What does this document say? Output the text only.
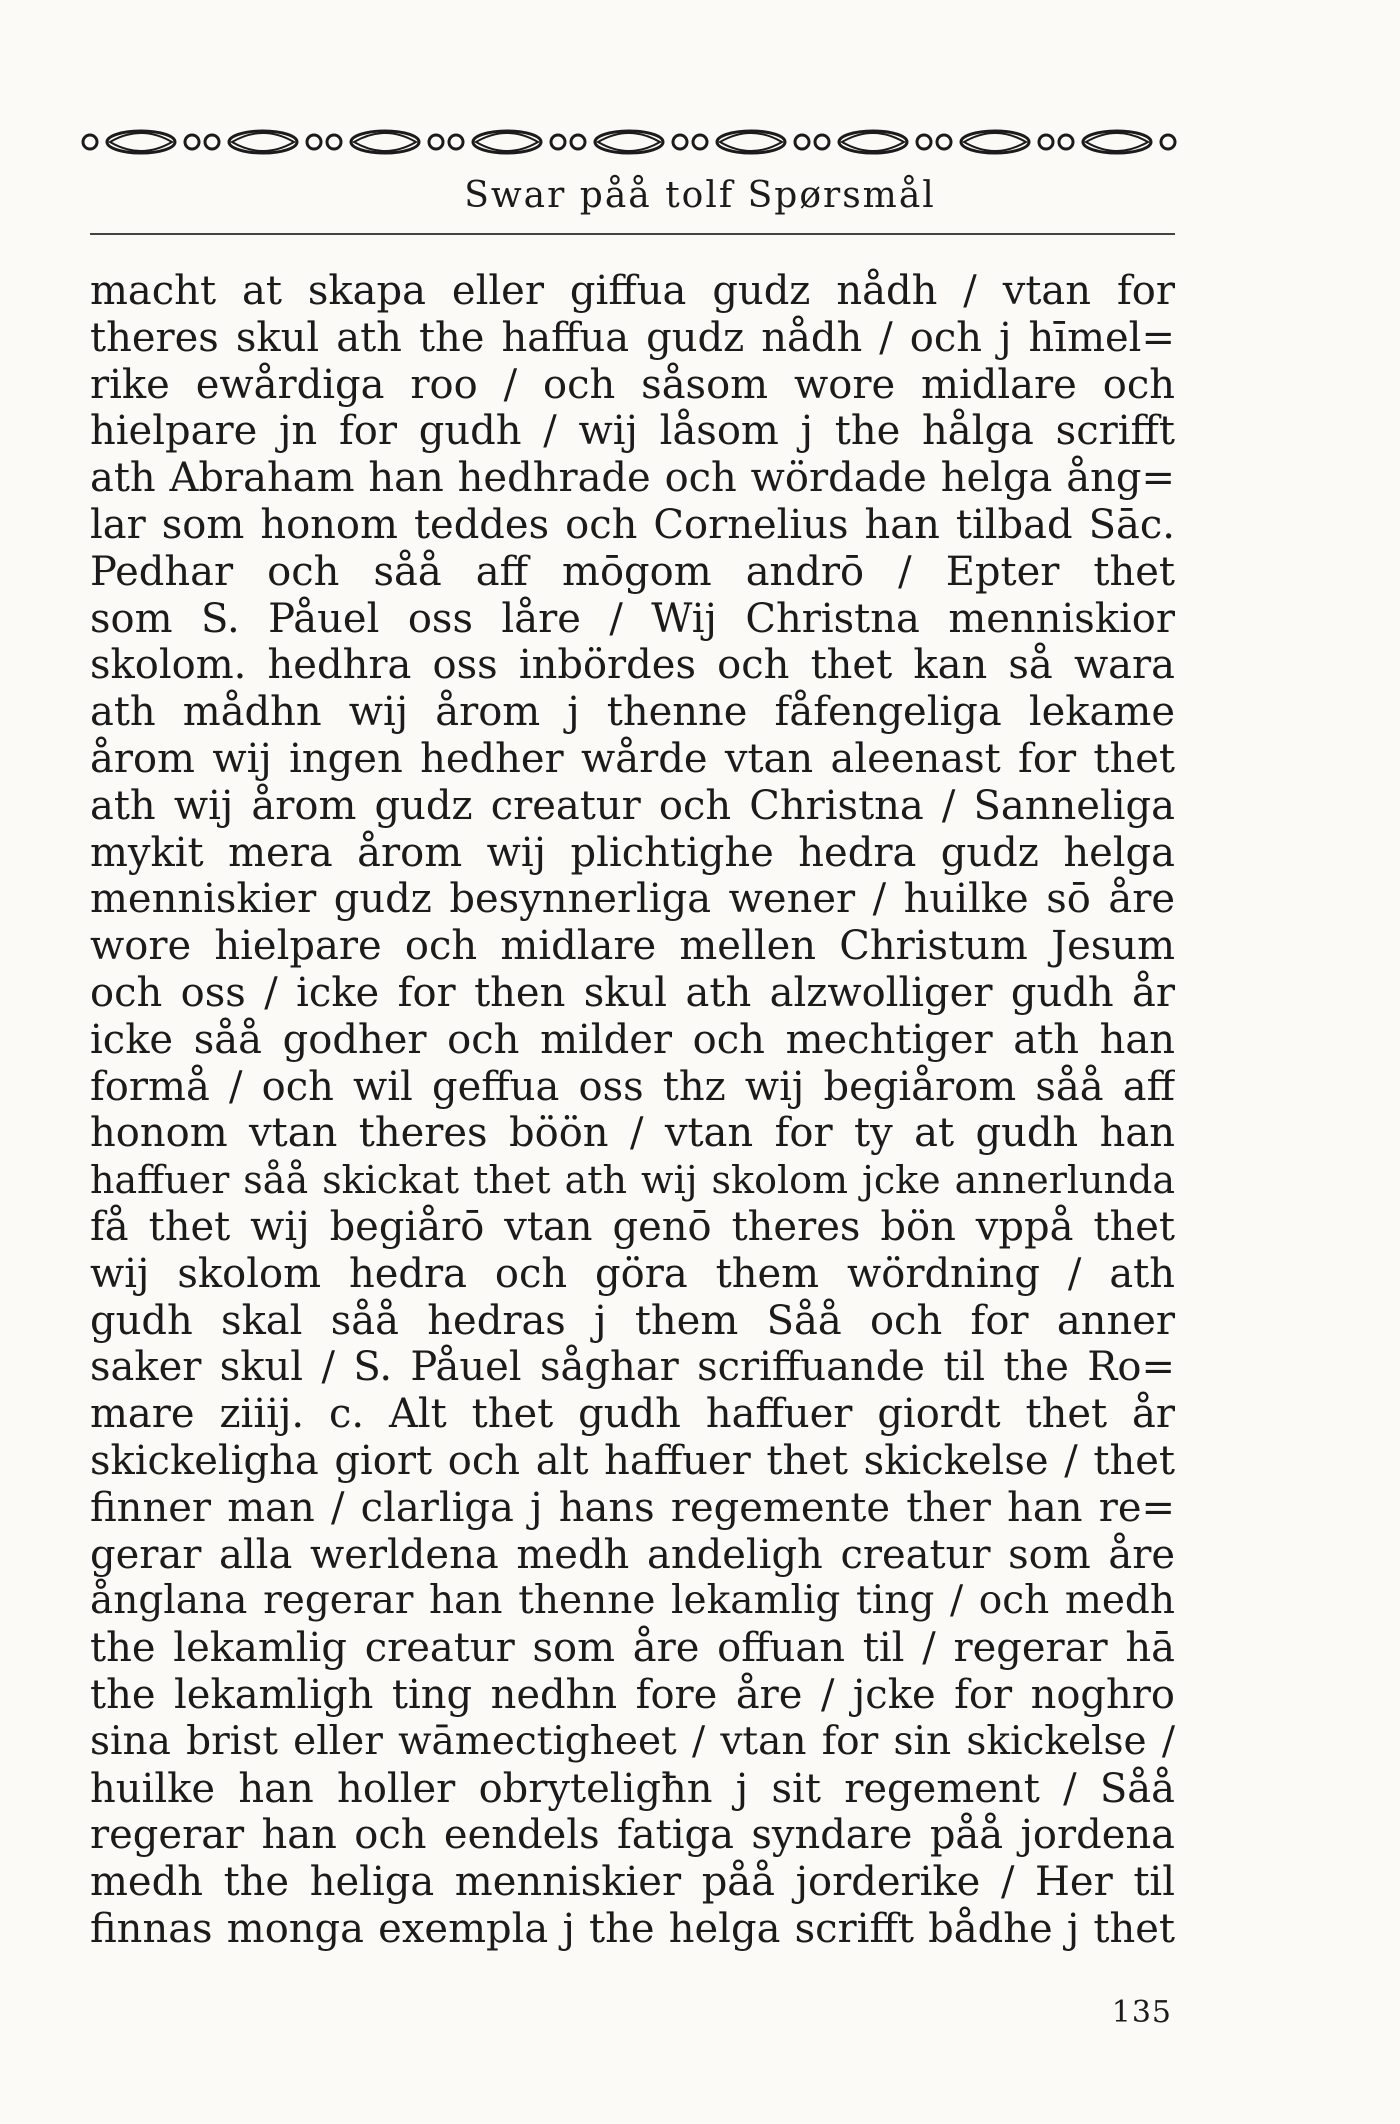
Swar påå tolf Spørsmål
macht at skapa eller giffua gudz nådh / vtan for
theres skul ath the haffua gudz nådh / och j hīmel=
rike ewårdiga roo / och såsom wore midlare och
hielpare jn for gudh / wij låsom j the hålga scrifft
ath Abraham han hedhrade och wördade helga ång=
lar som honom teddes och Cornelius han tilbad Sāc.
Pedhar och såå aff mōgom andrō / Epter thet
som S. Påuel oss låre / Wij Christna menniskior
skolom. hedhra oss inbördes och thet kan så wara
ath mådhn wij årom j thenne fåfengeliga lekame
årom wij ingen hedher wårde vtan aleenast for thet
ath wij årom gudz creatur och Christna / Sanneliga
mykit mera årom wij plichtighe hedra gudz helga
menniskier gudz besynnerliga wener / huilke sō åre
wore hielpare och midlare mellen Christum Jesum
och oss / icke for then skul ath alzwolliger gudh år
icke såå godher och milder och mechtiger ath han
formå / och wil geffua oss thz wij begiårom såå aff
honom vtan theres böön / vtan for ty at gudh han
haffuer såå skickat thet ath wij skolom jcke annerlunda
få thet wij begiårō vtan genō theres bön vppå thet
wij skolom hedra och göra them wördning / ath
gudh skal såå hedras j them Såå och for anner
saker skul / S. Påuel såghar scriffuande til the Ro=
mare ziiij. c. Alt thet gudh haffuer giordt thet år
skickeligha giort och alt haffuer thet skickelse / thet
finner man / clarliga j hans regemente ther han re=
gerar alla werldena medh andeligh creatur som åre
ånglana regerar han thenne lekamlig ting / och medh
the lekamlig creatur som åre offuan til / regerar hā
the lekamligh ting nedhn fore åre / jcke for noghro
sina brist eller wāmectigheet / vtan for sin skickelse /
huilke han holler obryteligħn j sit regement / Såå
regerar han och eendels fatiga syndare påå jordena
medh the heliga menniskier påå jorderike / Her til
finnas monga exempla j the helga scrifft bådhe j thet
135
